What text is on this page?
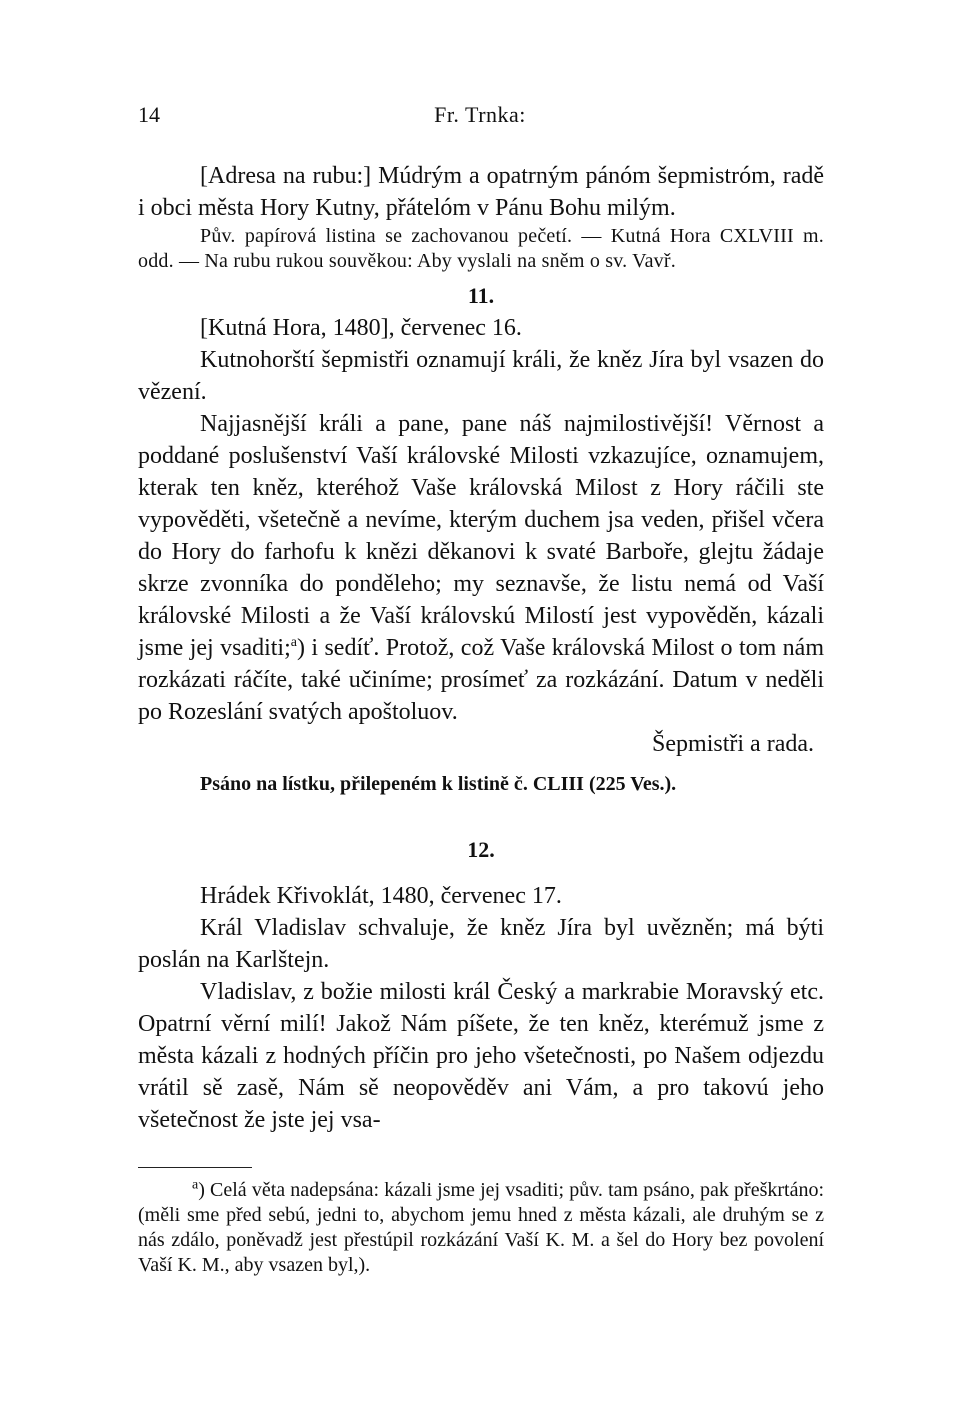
14	Fr. Trnka:

[Adresa na rubu:] Múdrým a opatrným pánóm šepmistróm, radě i obci města Hory Kutny, přátelóm v Pánu Bohu milým.

Pův. papírová listina se zachovanou pečetí. — Kutná Hora CXLVIII m. odd. — Na rubu rukou souvěkou: Aby vyslali na sněm o sv. Vavř.

11.

[Kutná Hora, 1480], červenec 16.

Kutnohorští šepmistři oznamují králi, že kněz Jíra byl vsazen do vězení.

Najjasnější králi a pane, pane náš najmilostivější! Věrnost a poddané poslušenství Vaší královské Milosti vzkazujíce, oznamujem, kterak ten kněz, kteréhož Vaše královská Milost z Hory ráčili ste vypověděti, všetečně a nevíme, kterým duchem jsa veden, přišel včera do Hory do farhofu k knězi děkanovi k svaté Barboře, glejtu žádaje skrze zvonníka do ponděleho; my seznavše, že listu nemá od Vaší královské Milosti a že Vaší královskú Milostí jest vypověděn, kázali jsme jej vsaditi;$^a$) i sedíť. Protož, což Vaše královská Milost o tom nám rozkázati ráčíte, také učiníme; prosímeť za rozkázání. Datum v neděli po Rozeslání svatých apoštoluov.

Šepmistři a rada.

Psáno na lístku, přilepeném k listině č. CLIII (225 Ves.).

12.

Hrádek Křivoklát, 1480, červenec 17.

Král Vladislav schvaluje, že kněz Jíra byl uvězněn; má býti poslán na Karlštejn.

Vladislav, z božie milosti král Český a markrabie Moravský etc. Opatrní věrní milí! Jakož Nám píšete, že ten kněz, kterémuž jsme z města kázali z hodných příčin pro jeho všetečnosti, po Našem odjezdu vrátil sě zasě, Nám sě neopověděv ani Vám, a pro takovú jeho všetečnost že jste jej vsa-

$^a$) Celá věta nadepsána: kázali jsme jej vsaditi; pův. tam psáno, pak přeškrtáno: (měli sme před sebú, jedni to, abychom jemu hned z města kázali, ale druhým se z nás zdálo, poněvadž jest přestúpil rozkázání Vaší K. M. a šel do Hory bez povolení Vaší K. M., aby vsazen byl,).
